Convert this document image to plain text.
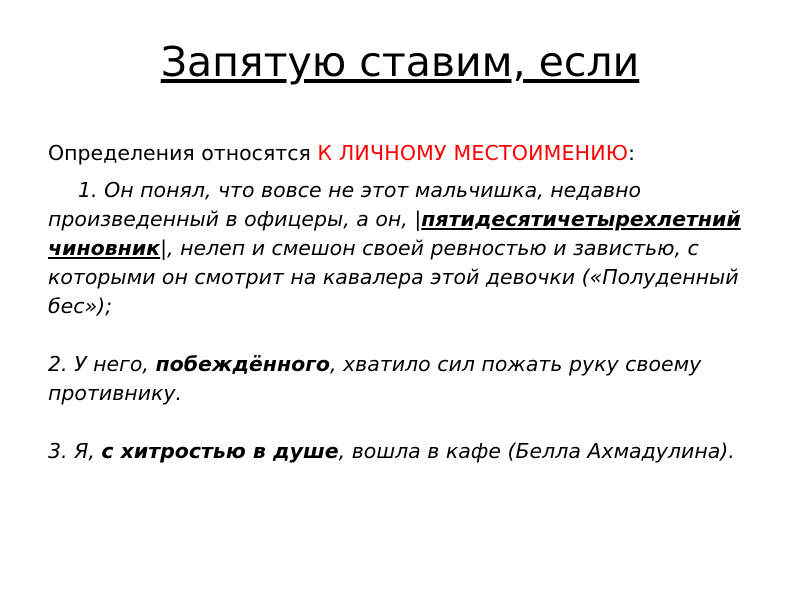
Запятую ставим, если

Определения относятся К ЛИЧНОМУ МЕСТОИМЕНИЮ:

1. Он понял, что вовсе не этот мальчишка, недавно произведенный в офицеры, а он, |пятидесятичетырехлетний чиновник|, нелеп и смешон своей ревностью и завистью, с которыми он смотрит на кавалера этой девочки («Полуденный бес»);

2. У него, побеждённого, хватило сил пожать руку своему противнику.

3. Я, с хитростью в душе, вошла в кафе (Белла Ахмадулина).
